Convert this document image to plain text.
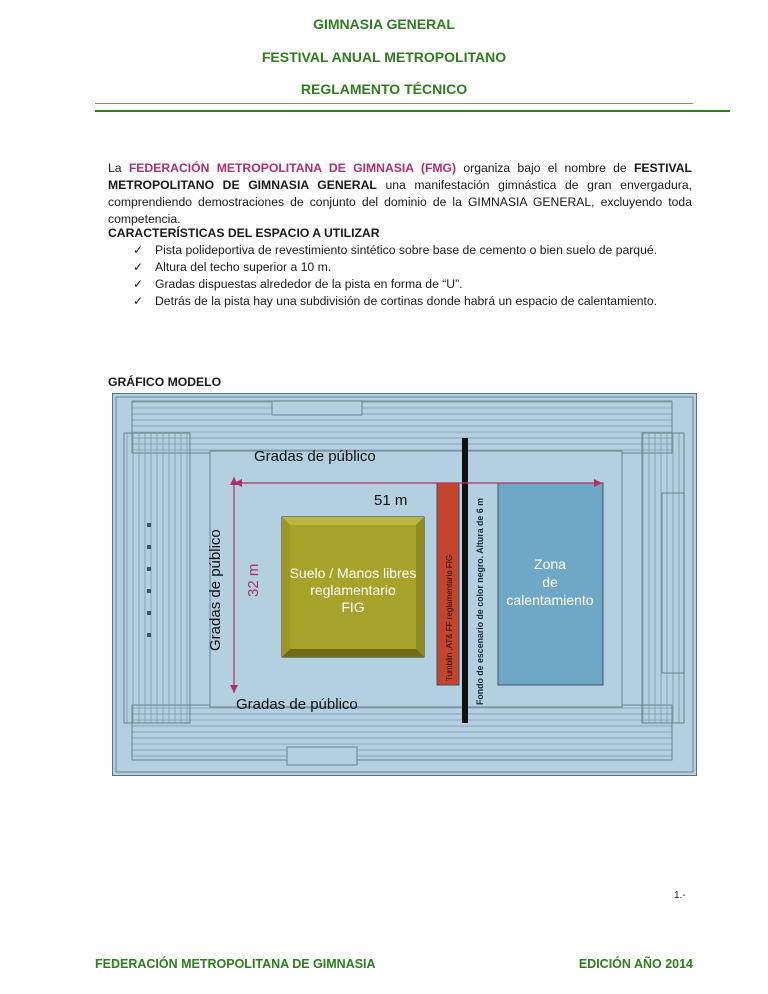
GIMNASIA GENERAL
FESTIVAL ANUAL METROPOLITANO
REGLAMENTO TÉCNICO

La FEDERACIÓN METROPOLITANA DE GIMNASIA (FMG) organiza bajo el nombre de FESTIVAL METROPOLITANO DE GIMNASIA GENERAL una manifestación gimnástica de gran envergadura, comprendiendo demostraciones de conjunto del dominio de la GIMNASIA GENERAL, excluyendo toda competencia.

CARACTERÍSTICAS DEL ESPACIO A UTILIZAR
✓ Pista polideportiva de revestimiento sintético sobre base de cemento o bien suelo de parqué.
✓ Altura del techo superior a 10 m.
✓ Gradas dispuestas alrededor de la pista en forma de “U”.
✓ Detrás de la pista hay una subdivisión de cortinas donde habrá un espacio de calentamiento.
GRÁFICO MODELO
Gradas de público
Gradas de público
Gradas de público
51 m
32 m Suelo / Manos libres
reglamentario
FIG
Zona
de
calentamiento
Tumblin ,AT& FF reglamentario FIG Fondo de escenario de color negro. Altura de 6 m
1.-
FEDERACIÓN METROPOLITANA DE GIMNASIA	EDICIÓN AÑO 2014
